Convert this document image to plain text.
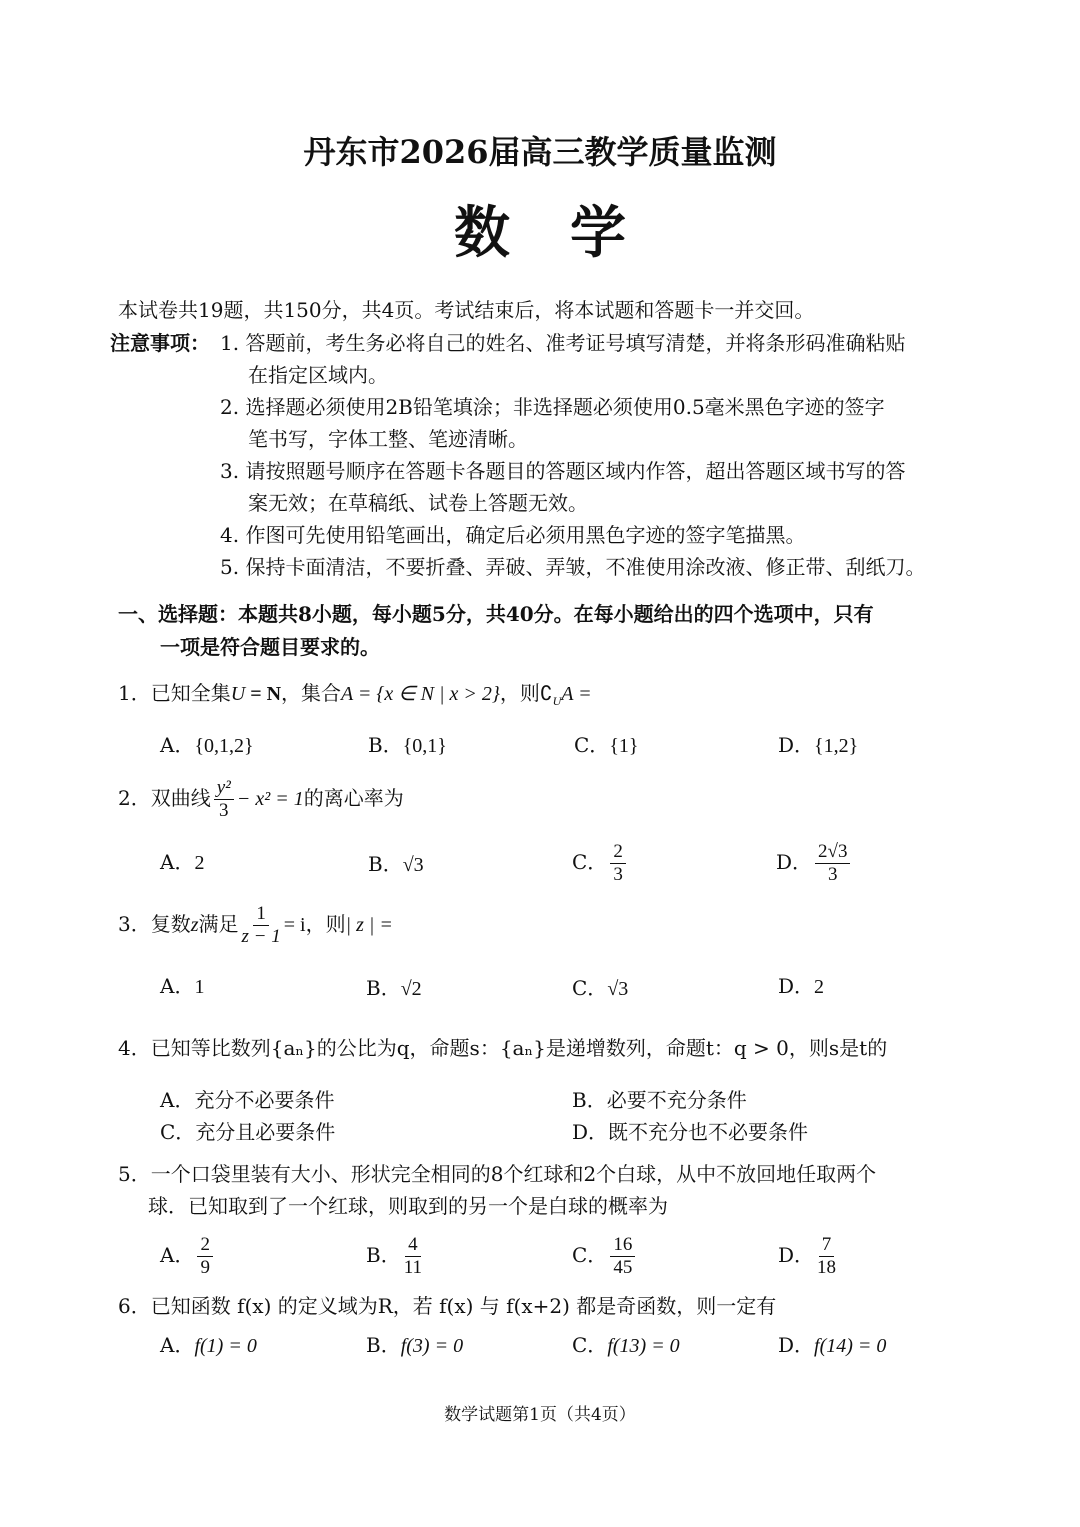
丹东市2026届高三教学质量监测
数学
本试卷共19题，共150分，共4页。考试结束后，将本试题和答题卡一并交回。
注意事项： 1. 答题前，考生务必将自己的姓名、准考证号填写清楚，并将条形码准确粘贴
在指定区域内。
2. 选择题必须使用2B铅笔填涂；非选择题必须使用0.5毫米黑色字迹的签字
笔书写，字体工整、笔迹清晰。
3. 请按照题号顺序在答题卡各题目的答题区域内作答，超出答题区域书写的答
案无效；在草稿纸、试卷上答题无效。
4. 作图可先使用铅笔画出，确定后必须用黑色字迹的签字笔描黑。
5. 保持卡面清洁，不要折叠、弄破、弄皱，不准使用涂改液、修正带、刮纸刀。
一、选择题：本题共8小题，每小题5分，共40分。在每小题给出的四个选项中，只有
一项是符合题目要求的。
1．已知全集U = N，集合A = {x ∈ N | x > 2}，则$∁_UA$ =
A．{0,1,2}	B．{0,1}	C．{1}	D．{1,2}
2．双曲线 $\frac{\text{y²}}{3} - x^2 = 1$的离心率为
A．2	B．√3	C． $\frac{2}{3}$	D． $\frac{2√3}{3}$
3．复数z满足 $\frac{1}{z - 1} = i$，则| z | =
A．1	B．√2	C．√3	D．2
4．已知等比数列{aₙ}的公比为q，命题s：{aₙ}是递增数列，命题t：q > 0，则s是t的
A．充分不必要条件	B．必要不充分条件
C．充分且必要条件	D．既不充分也不必要条件
5．一个口袋里装有大小、形状完全相同的8个红球和2个白球，从中不放回地任取两个
球．已知取到了一个红球，则取到的另一个是白球的概率为
A． $\frac{2}{9}$	B． $\frac{4}{11}$	C． $\frac{16}{45}$	D． $\frac{7}{18}$
6．已知函数 f(x) 的定义域为R，若 f(x) 与 f(x+2) 都是奇函数，则一定有
A．f(1) = 0	B．f(3) = 0	C．f(13) = 0	D．f(14) = 0
数学试题第1页（共4页）
